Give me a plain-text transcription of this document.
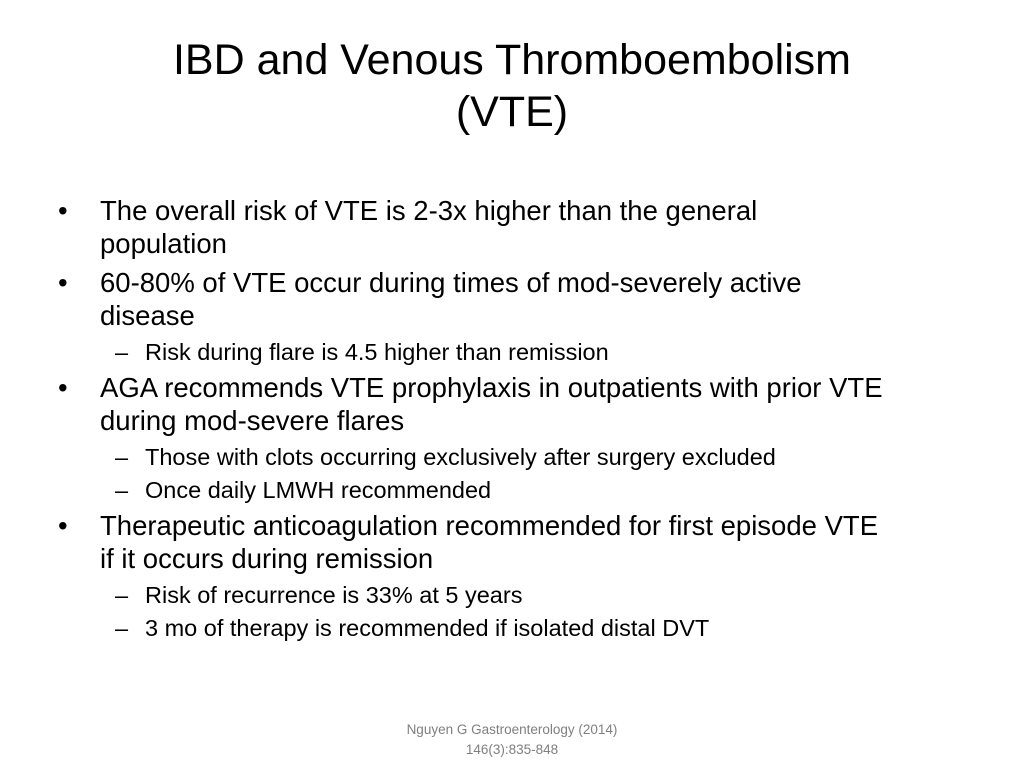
IBD and Venous Thromboembolism
(VTE)
•	The overall risk of VTE is 2-3x higher than the general population
•	60-80% of VTE occur during times of mod-severely active disease
– Risk during flare is 4.5 higher than remission
•	AGA recommends VTE prophylaxis in outpatients with prior VTE during mod-severe flares
– Those with clots occurring exclusively after surgery excluded
– Once daily LMWH recommended
•	Therapeutic anticoagulation recommended for first episode VTE if it occurs during remission
– Risk of recurrence is 33% at 5 years
– 3 mo of therapy is recommended if isolated distal DVT
Nguyen G Gastroenterology (2014)
146(3):835-848
